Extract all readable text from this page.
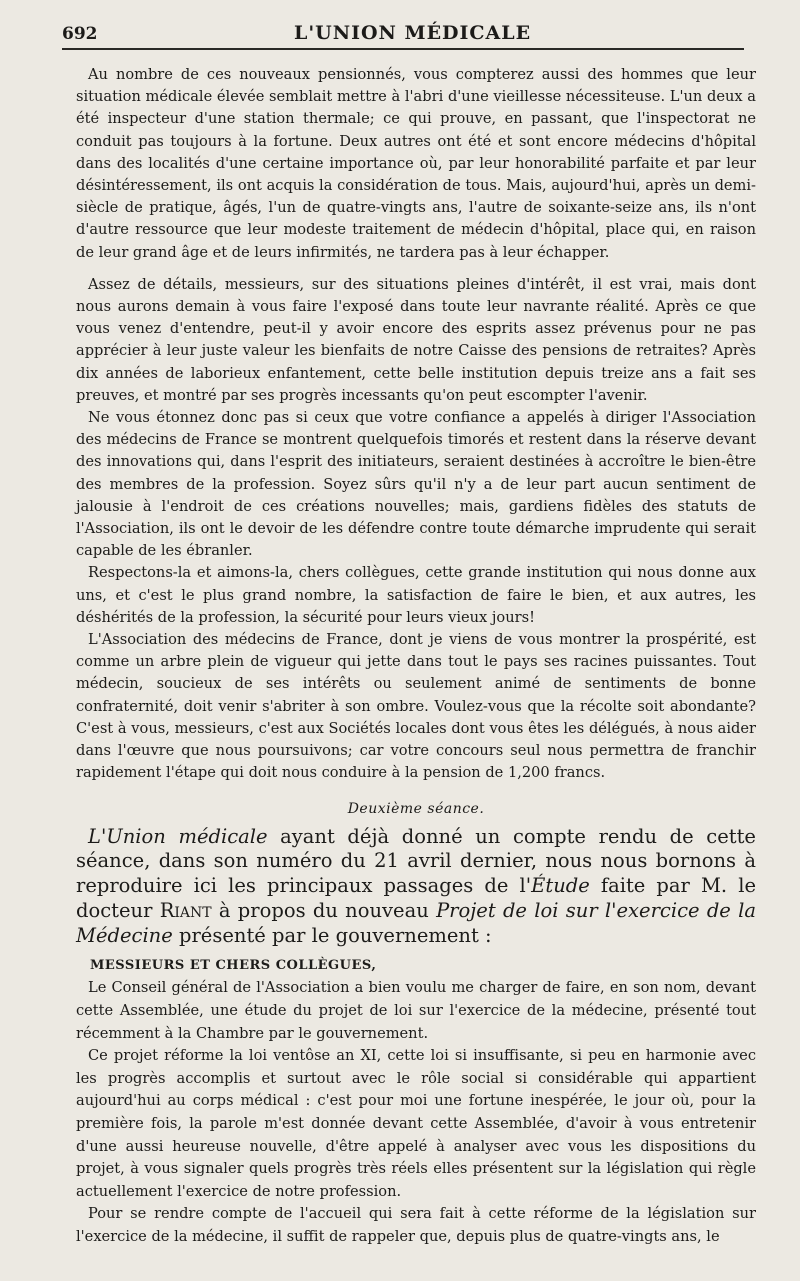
692	L'UNION MÉDICALE

Au nombre de ces nouveaux pensionnés, vous compterez aussi des hommes que leur situation médicale élevée semblait mettre à l'abri d'une vieillesse nécessiteuse. L'un deux a été inspecteur d'une station thermale; ce qui prouve, en passant, que l'inspectorat ne conduit pas toujours à la fortune. Deux autres ont été et sont encore médecins d'hôpital dans des localités d'une certaine importance où, par leur honorabilité parfaite et par leur désintéressement, ils ont acquis la considération de tous. Mais, aujourd'hui, après un demi-siècle de pratique, âgés, l'un de quatre-vingts ans, l'autre de soixante-seize ans, ils n'ont d'autre ressource que leur modeste traitement de médecin d'hôpital, place qui, en raison de leur grand âge et de leurs infirmités, ne tardera pas à leur échapper.

Assez de détails, messieurs, sur des situations pleines d'intérêt, il est vrai, mais dont nous aurons demain à vous faire l'exposé dans toute leur navrante réalité. Après ce que vous venez d'entendre, peut-il y avoir encore des esprits assez prévenus pour ne pas apprécier à leur juste valeur les bienfaits de notre Caisse des pensions de retraites? Après dix années de laborieux enfantement, cette belle institution depuis treize ans a fait ses preuves, et montré par ses progrès incessants qu'on peut escompter l'avenir.

Ne vous étonnez donc pas si ceux que votre confiance a appelés à diriger l'Association des médecins de France se montrent quelquefois timorés et restent dans la réserve devant des innovations qui, dans l'esprit des initiateurs, seraient destinées à accroître le bien-être des membres de la profession. Soyez sûrs qu'il n'y a de leur part aucun sentiment de jalousie à l'endroit de ces créations nouvelles; mais, gardiens fidèles des statuts de l'Association, ils ont le devoir de les défendre contre toute démarche imprudente qui serait capable de les ébranler.

Respectons-la et aimons-la, chers collègues, cette grande institution qui nous donne aux uns, et c'est le plus grand nombre, la satisfaction de faire le bien, et aux autres, les déshérités de la profession, la sécurité pour leurs vieux jours!

L'Association des médecins de France, dont je viens de vous montrer la prospérité, est comme un arbre plein de vigueur qui jette dans tout le pays ses racines puissantes. Tout médecin, soucieux de ses intérêts ou seulement animé de sentiments de bonne confraternité, doit venir s'abriter à son ombre. Voulez-vous que la récolte soit abondante? C'est à vous, messieurs, c'est aux Sociétés locales dont vous êtes les délégués, à nous aider dans l'œuvre que nous poursuivons; car votre concours seul nous permettra de franchir rapidement l'étape qui doit nous conduire à la pension de 1,200 francs.

Deuxième séance.

L'Union médicale ayant déjà donné un compte rendu de cette séance, dans son numéro du 21 avril dernier, nous nous bornons à reproduire ici les principaux passages de l'Étude faite par M. le docteur Riant à propos du nouveau Projet de loi sur l'exercice de la Médecine présenté par le gouvernement :

MESSIEURS ET CHERS COLLÈGUES,

Le Conseil général de l'Association a bien voulu me charger de faire, en son nom, devant cette Assemblée, une étude du projet de loi sur l'exercice de la médecine, présenté tout récemment à la Chambre par le gouvernement.

Ce projet réforme la loi ventôse an XI, cette loi si insuffisante, si peu en harmonie avec les progrès accomplis et surtout avec le rôle social si considérable qui appartient aujourd'hui au corps médical : c'est pour moi une fortune inespérée, le jour où, pour la première fois, la parole m'est donnée devant cette Assemblée, d'avoir à vous entretenir d'une aussi heureuse nouvelle, d'être appelé à analyser avec vous les dispositions du projet, à vous signaler quels progrès très réels elles présentent sur la législation qui règle actuellement l'exercice de notre profession.

Pour se rendre compte de l'accueil qui sera fait à cette réforme de la législation sur l'exercice de la médecine, il suffit de rappeler que, depuis plus de quatre-vingts ans, le
